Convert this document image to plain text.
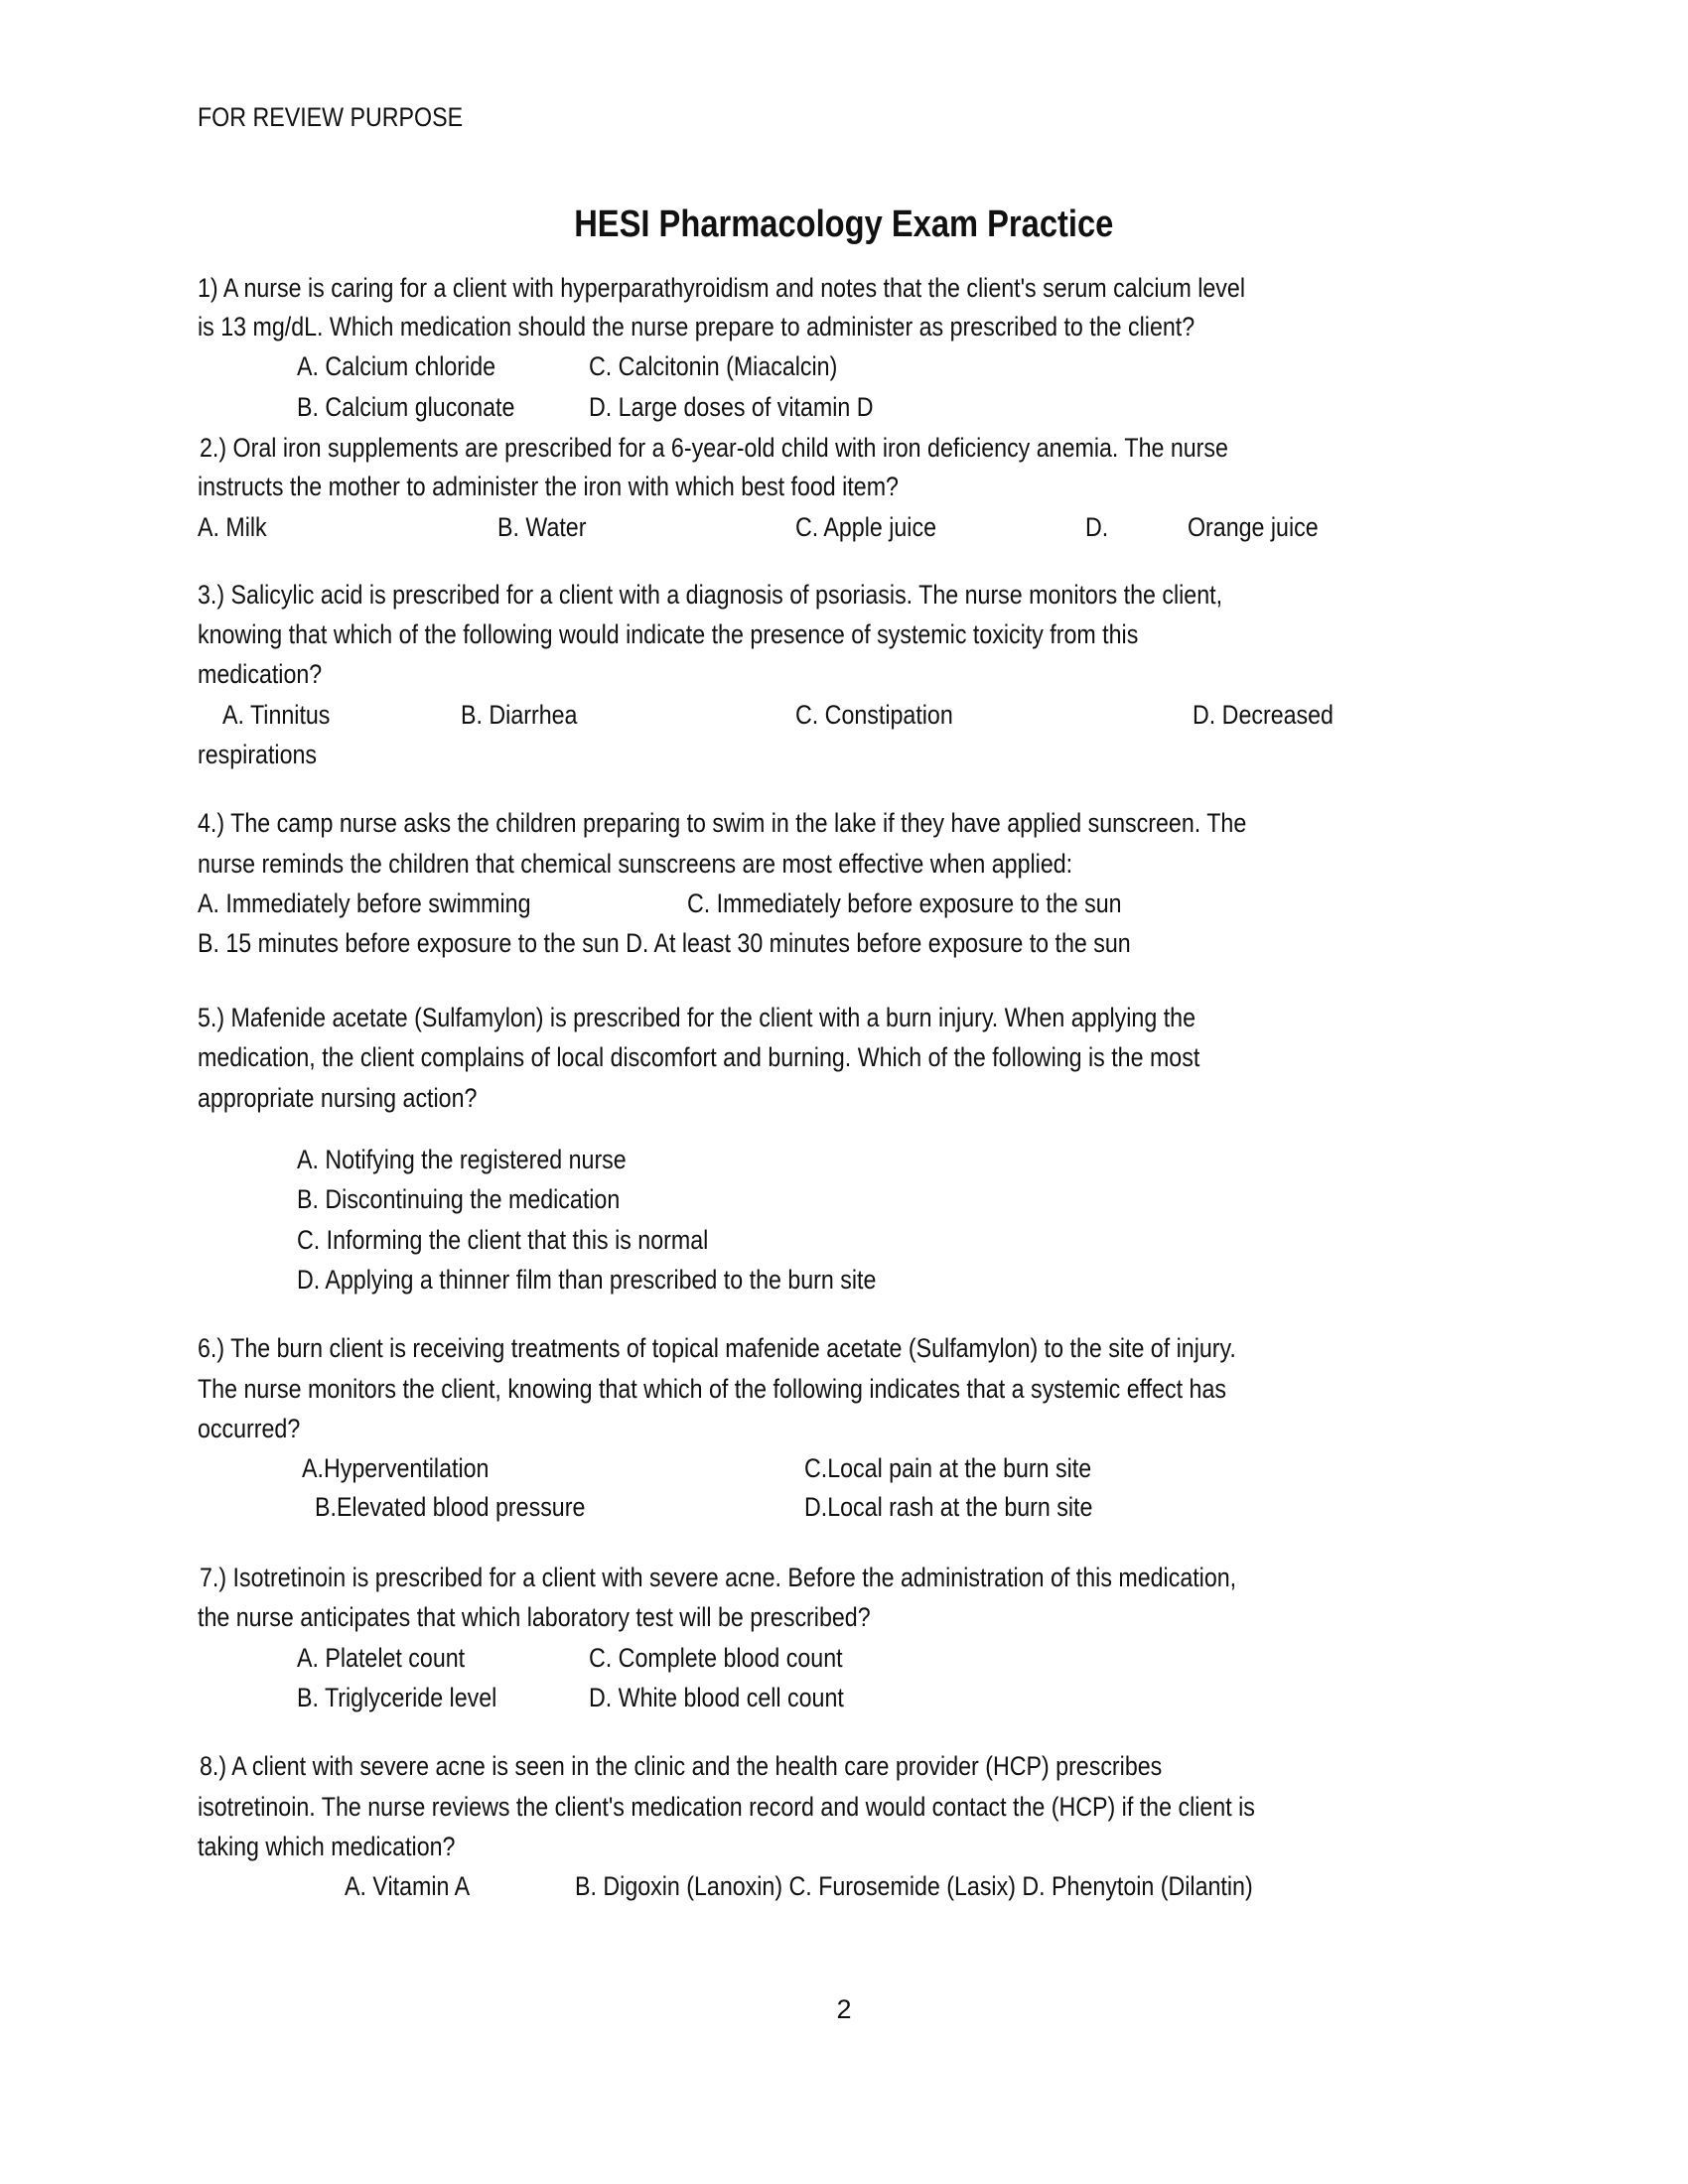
FOR REVIEW PURPOSE
HESI Pharmacology Exam Practice
1) A nurse is caring for a client with hyperparathyroidism and notes that the client's serum calcium level
is 13 mg/dL. Which medication should the nurse prepare to administer as prescribed to the client?
A. Calcium chloride	C. Calcitonin (Miacalcin)
B. Calcium gluconate	D. Large doses of vitamin D
2.) Oral iron supplements are prescribed for a 6-year-old child with iron deficiency anemia. The nurse
instructs the mother to administer the iron with which best food item?
A. Milk	B. Water	C. Apple juice	D.	Orange juice
3.) Salicylic acid is prescribed for a client with a diagnosis of psoriasis. The nurse monitors the client,
knowing that which of the following would indicate the presence of systemic toxicity from this
medication?
A. Tinnitus	B. Diarrhea	C. Constipation	D. Decreased
respirations
4.) The camp nurse asks the children preparing to swim in the lake if they have applied sunscreen. The
nurse reminds the children that chemical sunscreens are most effective when applied:
A. Immediately before swimming	C. Immediately before exposure to the sun
B. 15 minutes before exposure to the sun D. At least 30 minutes before exposure to the sun
5.) Mafenide acetate (Sulfamylon) is prescribed for the client with a burn injury. When applying the
medication, the client complains of local discomfort and burning. Which of the following is the most
appropriate nursing action?
A. Notifying the registered nurse
B. Discontinuing the medication
C. Informing the client that this is normal
D. Applying a thinner film than prescribed to the burn site
6.) The burn client is receiving treatments of topical mafenide acetate (Sulfamylon) to the site of injury.
The nurse monitors the client, knowing that which of the following indicates that a systemic effect has
occurred?
A.Hyperventilation	C.Local pain at the burn site
B.Elevated blood pressure	D.Local rash at the burn site
7.) Isotretinoin is prescribed for a client with severe acne. Before the administration of this medication,
the nurse anticipates that which laboratory test will be prescribed?
A. Platelet count	C. Complete blood count
B. Triglyceride level	D. White blood cell count
8.) A client with severe acne is seen in the clinic and the health care provider (HCP) prescribes
isotretinoin. The nurse reviews the client's medication record and would contact the (HCP) if the client is
taking which medication?
A. Vitamin A	B. Digoxin (Lanoxin) C. Furosemide (Lasix) D. Phenytoin (Dilantin)
2
